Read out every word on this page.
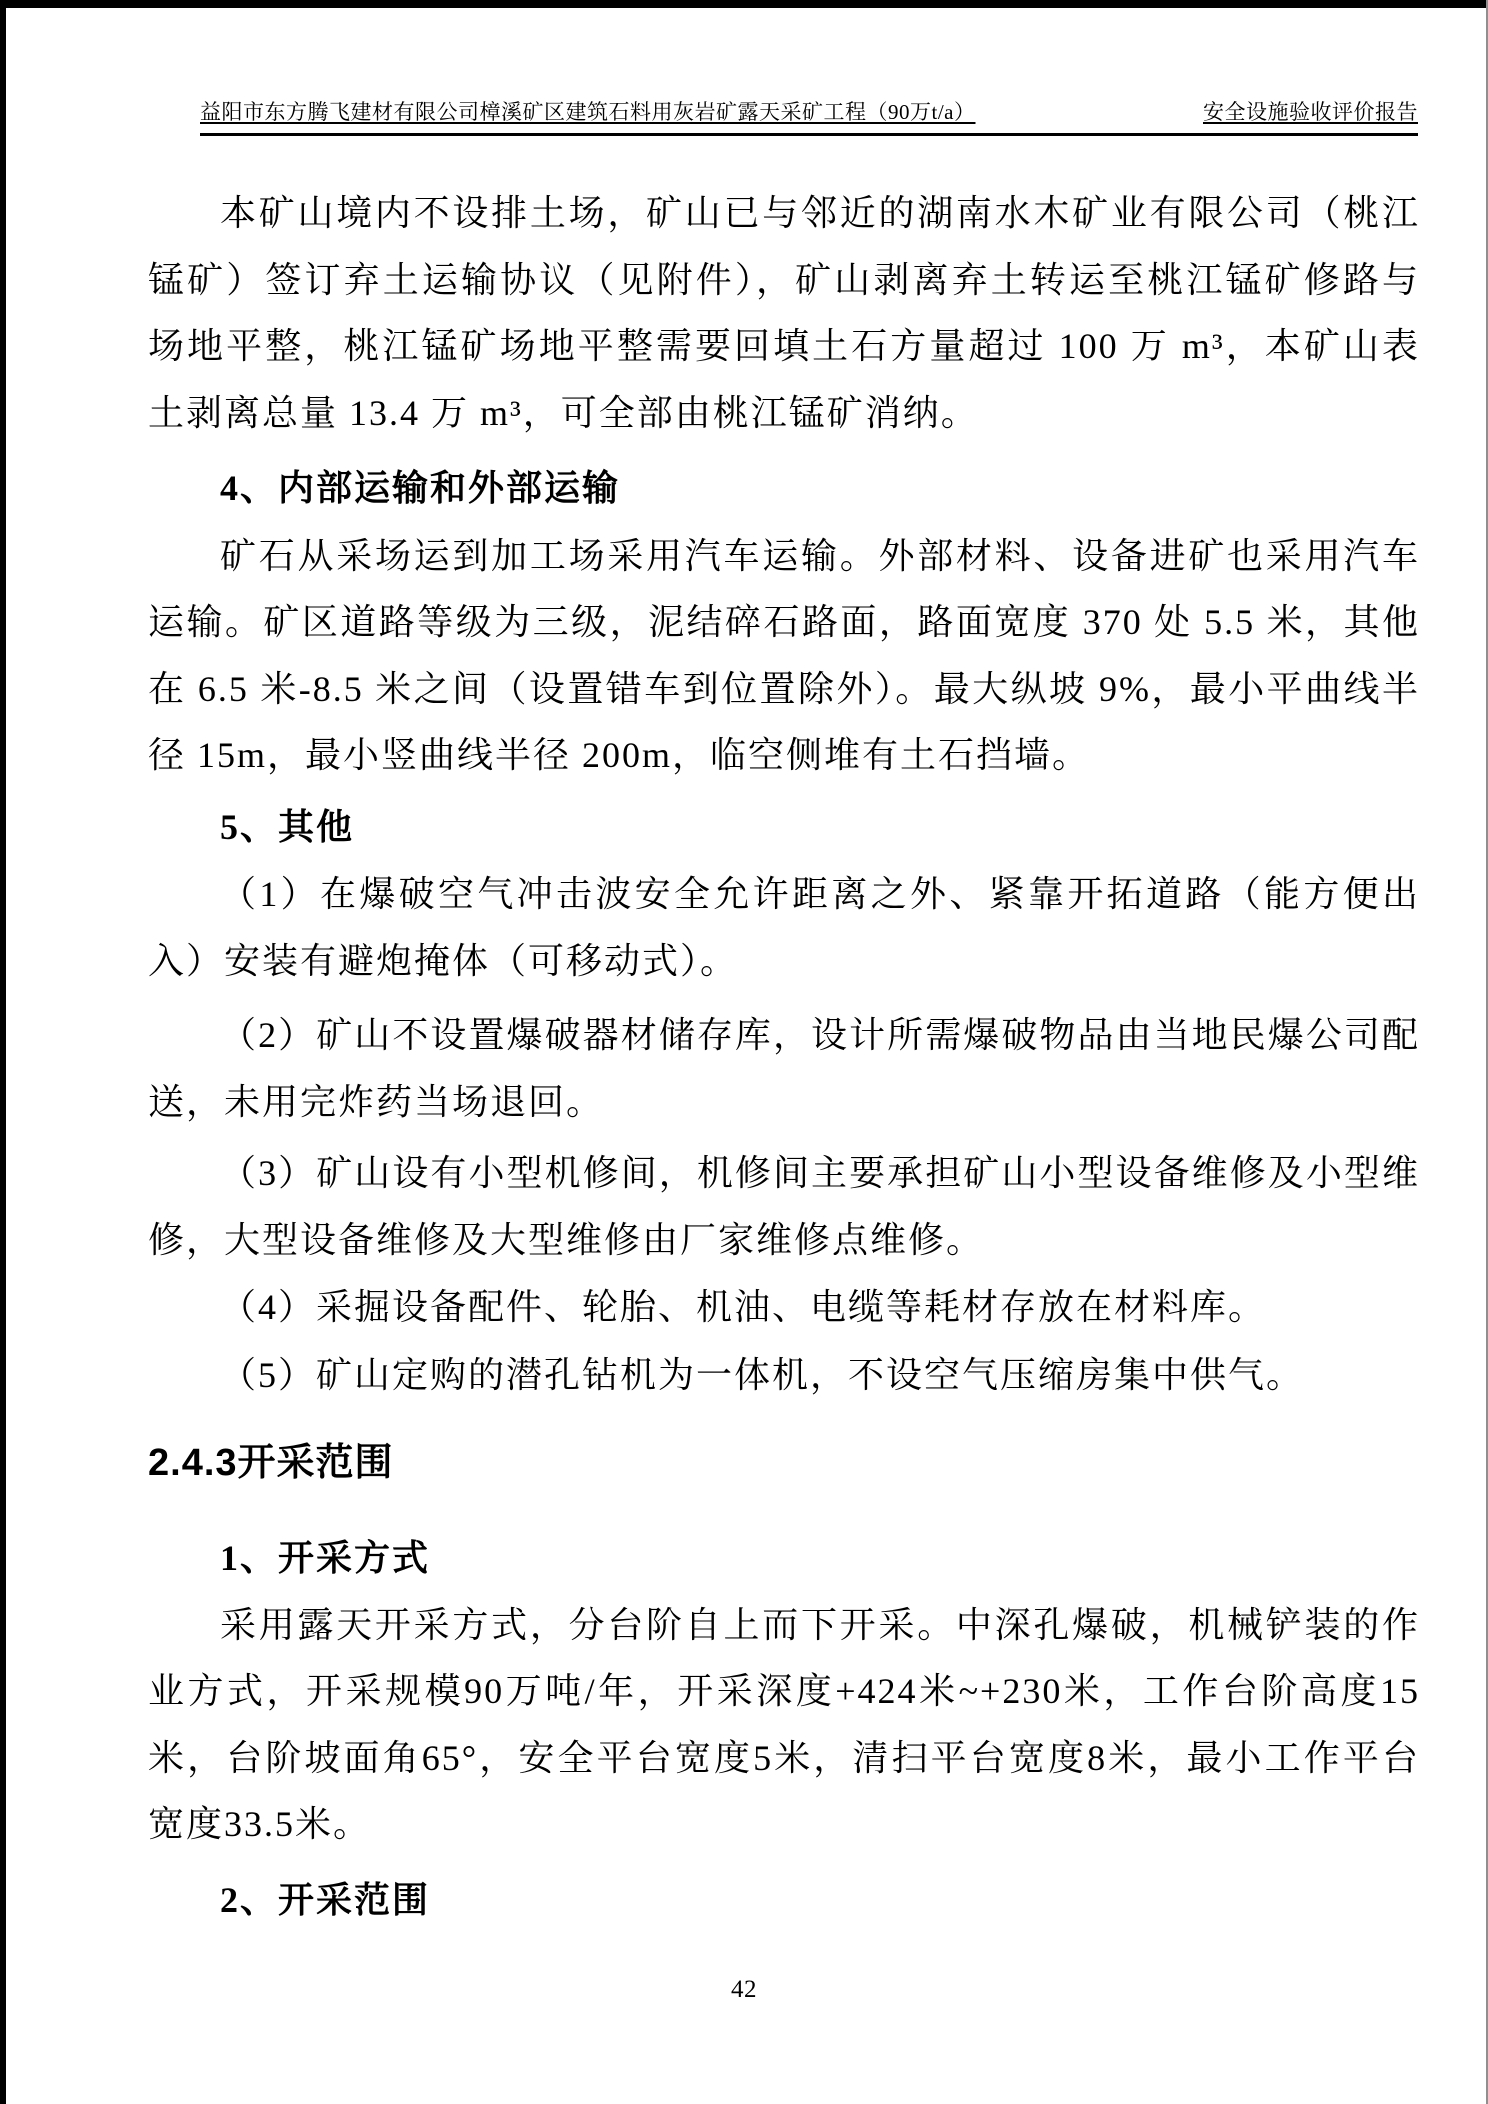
益阳市东方腾飞建材有限公司樟溪矿区建筑石料用灰岩矿露天采矿工程（90万t/a）	安全设施验收评价报告

本矿山境内不设排土场，矿山已与邻近的湖南水木矿业有限公司（桃江锰矿）签订弃土运输协议（见附件），矿山剥离弃土转运至桃江锰矿修路与场地平整，桃江锰矿场地平整需要回填土石方量超过 100 万 m³，本矿山表土剥离总量 13.4 万 m³，可全部由桃江锰矿消纳。

4、内部运输和外部运输

矿石从采场运到加工场采用汽车运输。外部材料、设备进矿也采用汽车运输。矿区道路等级为三级，泥结碎石路面，路面宽度 370 处 5.5 米，其他在 6.5 米-8.5 米之间（设置错车到位置除外）。最大纵坡 9%，最小平曲线半径 15m，最小竖曲线半径 200m，临空侧堆有土石挡墙。

5、其他

（1）在爆破空气冲击波安全允许距离之外、紧靠开拓道路（能方便出入）安装有避炮掩体（可移动式）。

（2）矿山不设置爆破器材储存库，设计所需爆破物品由当地民爆公司配送，未用完炸药当场退回。

（3）矿山设有小型机修间，机修间主要承担矿山小型设备维修及小型维修，大型设备维修及大型维修由厂家维修点维修。

（4）采掘设备配件、轮胎、机油、电缆等耗材存放在材料库。

（5）矿山定购的潜孔钻机为一体机，不设空气压缩房集中供气。

2.4.3开采范围

1、开采方式

采用露天开采方式，分台阶自上而下开采。中深孔爆破，机械铲装的作业方式，开采规模90万吨/年，开采深度+424米~+230米，工作台阶高度15米，台阶坡面角65°，安全平台宽度5米，清扫平台宽度8米，最小工作平台宽度33.5米。

2、开采范围

42
